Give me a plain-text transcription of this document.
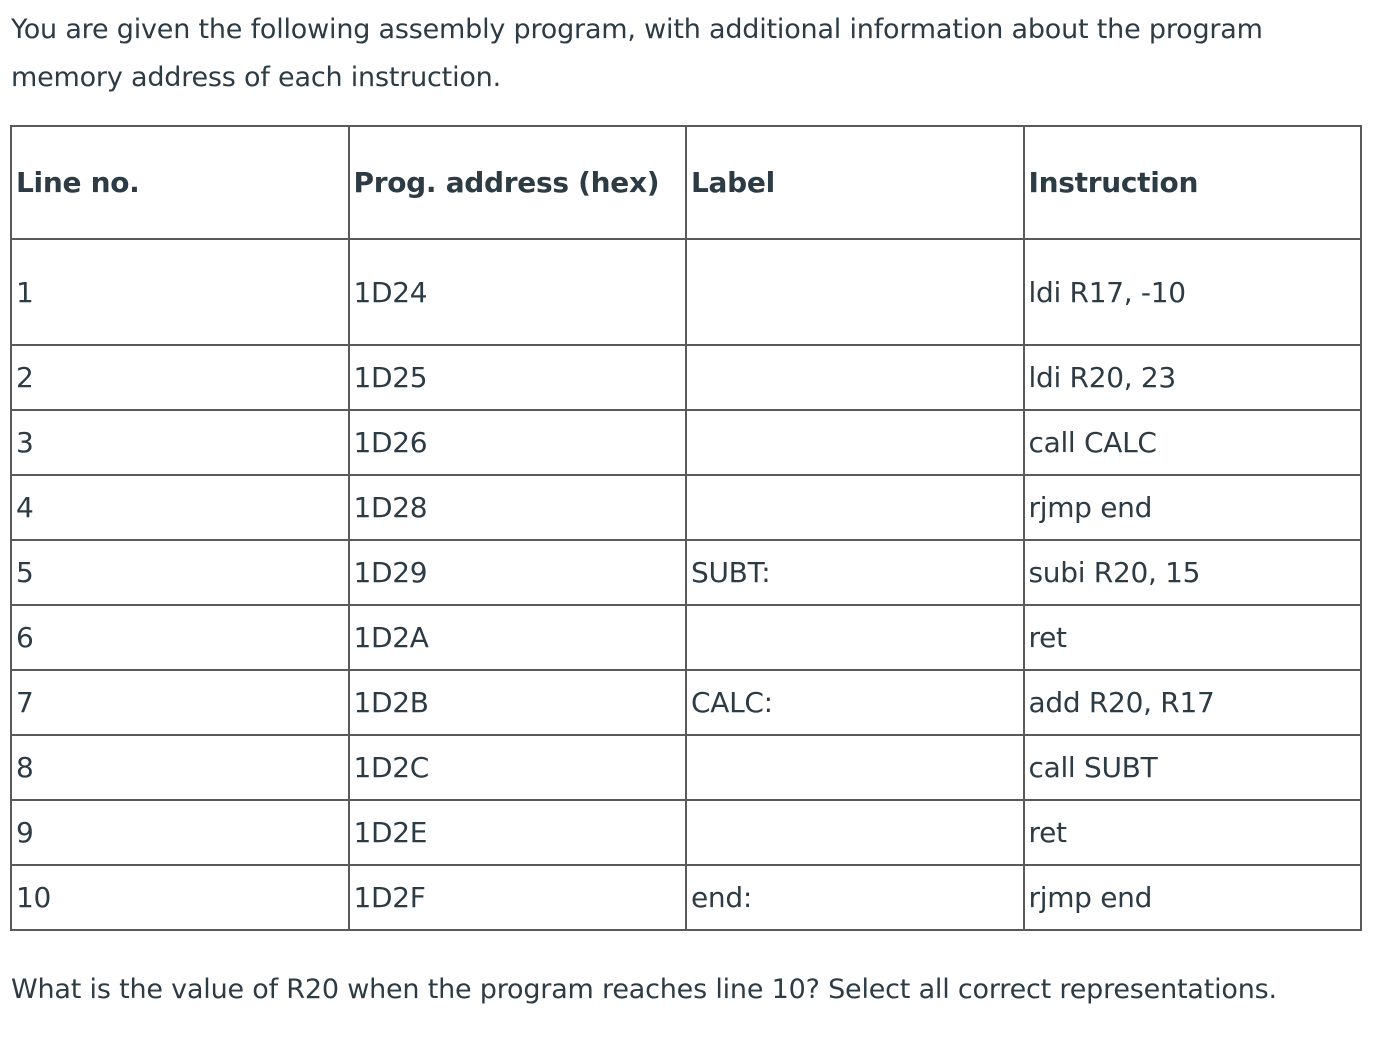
You are given the following assembly program, with additional information about the program memory address of each instruction.

Line no.	Prog. address (hex)	Label	Instruction
1	1D24		ldi R17, -10
2	1D25		ldi R20, 23
3	1D26		call CALC
4	1D28		rjmp end
5	1D29	SUBT:	subi R20, 15
6	1D2A		ret
7	1D2B	CALC:	add R20, R17
8	1D2C		call SUBT
9	1D2E		ret
10	1D2F	end:	rjmp end

What is the value of R20 when the program reaches line 10? Select all correct representations.
